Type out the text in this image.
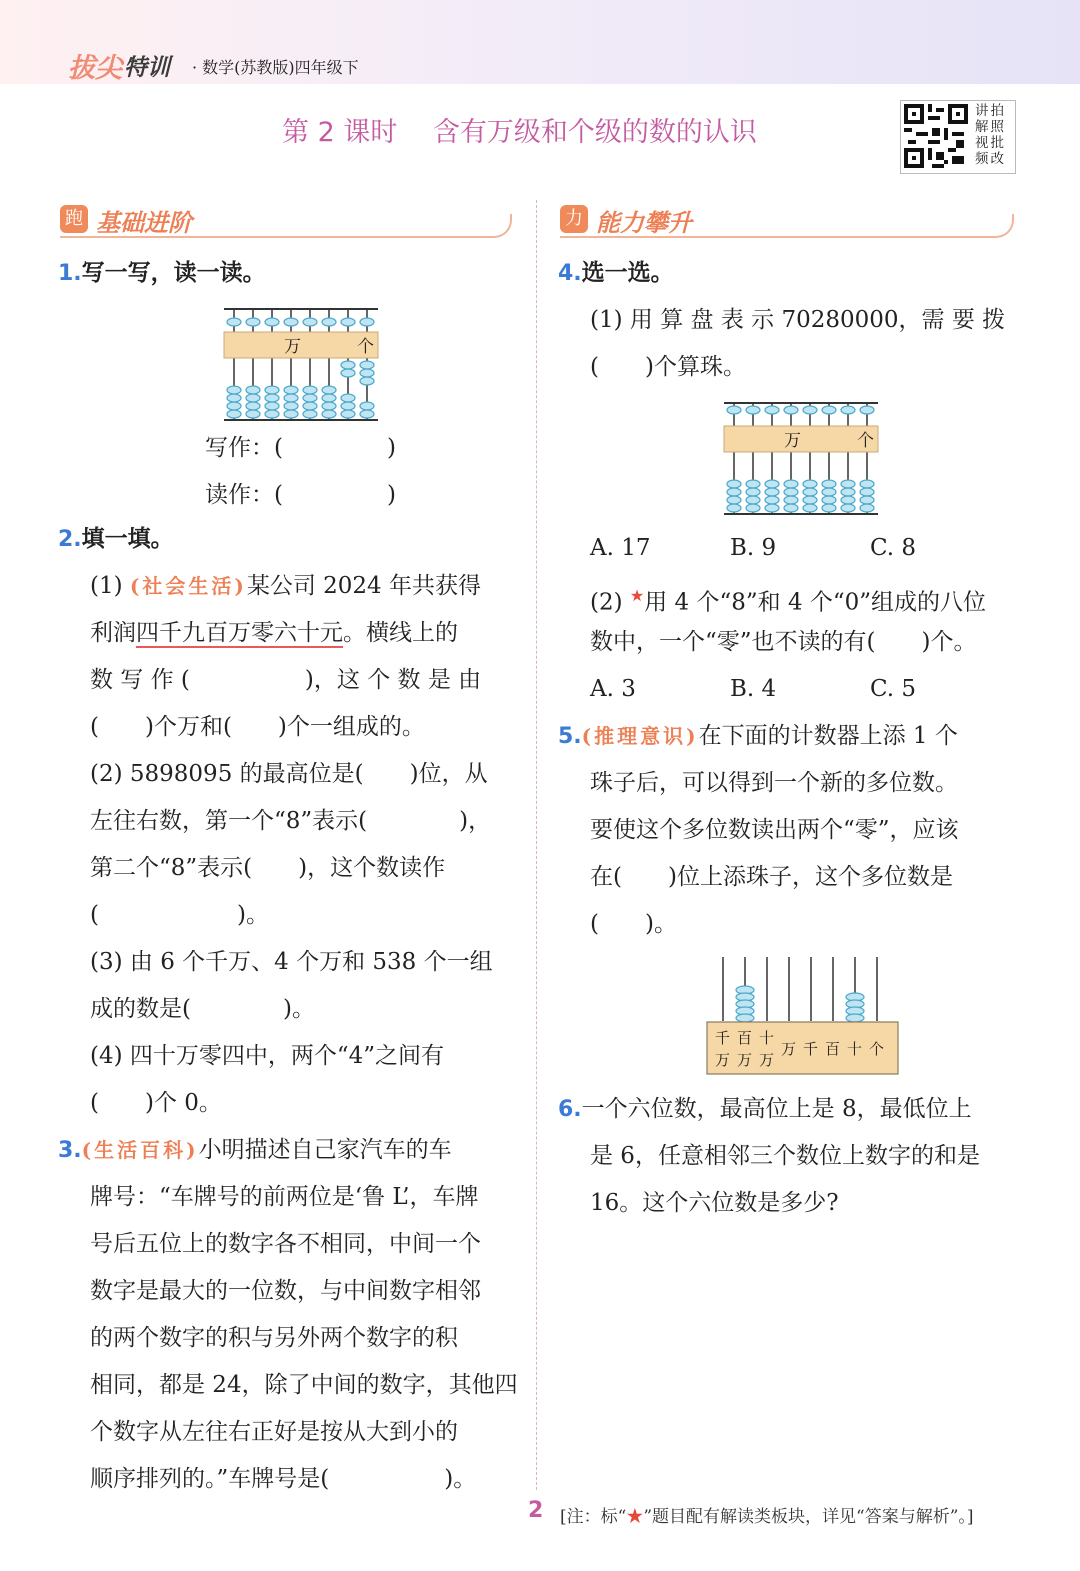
拔尖 特训 · 数学(苏教版)四年级下
第 2 课时　 含有万级和个级的数的认识
讲拍解照视批频改
跑 基础进阶	力 能力攀升
1.写一写，读一读。
万	个
写作：(	)
读作：(	)
2.填一填。
(1) (社会生活)某公司 2024 年共获得
利润四千九百万零六十元。横线上的
数 写 作 (　　　　　)，这 个 数 是 由
(　　)个万和(　　)个一组成的。
(2) 5898095 的最高位是(　　)位，从
左往右数，第一个“8”表示(　　　　)，
第二个“8”表示(　　)，这个数读作
(　　　　　　)。
(3) 由 6 个千万、4 个万和 538 个一组
成的数是(　　　　)。
(4) 四十万零四中，两个“4”之间有
(　　)个 0。
3.(生活百科)小明描述自己家汽车的车
牌号：“车牌号的前两位是‘鲁 L’，车牌
号后五位上的数字各不相同，中间一个
数字是最大的一位数，与中间数字相邻
的两个数字的积与另外两个数字的积
相同，都是 24，除了中间的数字，其他四
个数字从左往右正好是按从大到小的
顺序排列的。”车牌号是(　　　　　)。
4.选一选。
(1) 用 算 盘 表 示 70280000，需 要 拨
(　　)个算珠。
万	个
A. 17	B. 9	C. 8
(2) ★用 4 个“8”和 4 个“0”组成的八位
数中，一个“零”也不读的有(　　)个。
A. 3	B. 4	C. 5
5.(推理意识)在下面的计数器上添 1 个
珠子后，可以得到一个新的多位数。
要使这个多位数读出两个“零”，应该
在(　　)位上添珠子，这个多位数是
(　　)。
千
万
百
万
十
万
万 千 百 十 个
6.一个六位数，最高位上是 8，最低位上
是 6，任意相邻三个数位上数字的和是
16。这个六位数是多少?
2 [注：标“★”题目配有解读类板块，详见“答案与解析”。]
